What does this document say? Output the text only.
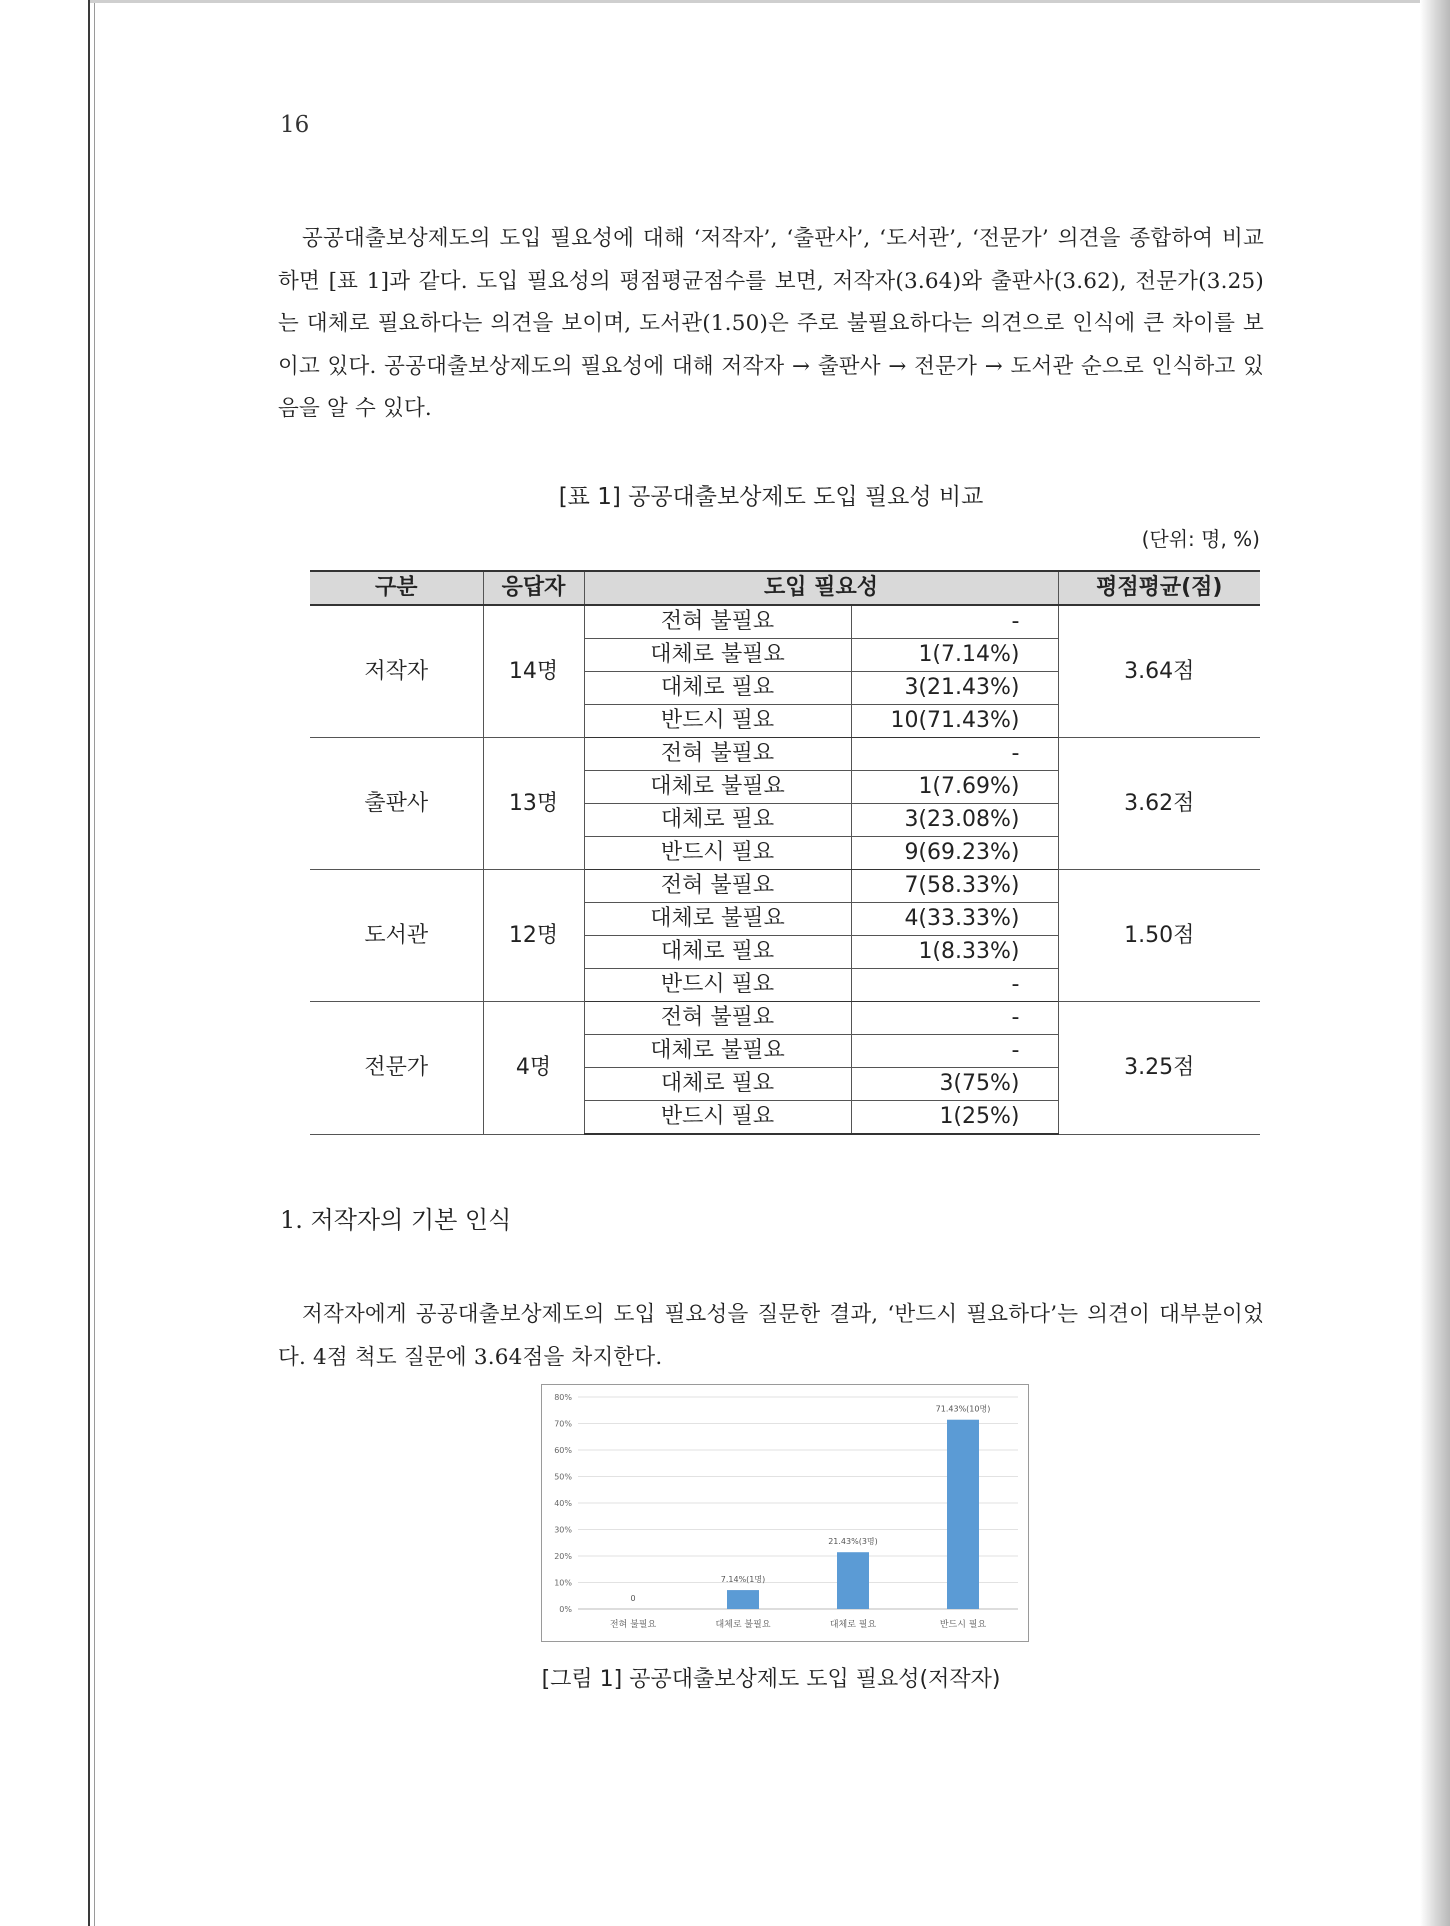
16

공공대출보상제도의 도입 필요성에 대해 ‘저작자’, ‘출판사’, ‘도서관’, ‘전문가’ 의견을 종합하여 비교하면 [표 1]과 같다. 도입 필요성의 평점평균점수를 보면, 저작자(3.64)와 출판사(3.62), 전문가(3.25)는 대체로 필요하다는 의견을 보이며, 도서관(1.50)은 주로 불필요하다는 의견으로 인식에 큰 차이를 보이고 있다. 공공대출보상제도의 필요성에 대해 저작자 → 출판사 → 전문가 → 도서관 순으로 인식하고 있음을 알 수 있다.

[표 1] 공공대출보상제도 도입 필요성 비교
(단위: 명, %)
구분	응답자	도입 필요성		평점평균(점)
저작자	14명	전혀 불필요	-	3.64점
		대체로 불필요	1(7.14%)	
		대체로 필요	3(21.43%)	
		반드시 필요	10(71.43%)	
출판사	13명	전혀 불필요	-	3.62점
		대체로 불필요	1(7.69%)	
		대체로 필요	3(23.08%)	
		반드시 필요	9(69.23%)	
도서관	12명	전혀 불필요	7(58.33%)	1.50점
		대체로 불필요	4(33.33%)	
		대체로 필요	1(8.33%)	
		반드시 필요	-	
전문가	4명	전혀 불필요	-	3.25점
		대체로 불필요	-	
		대체로 필요	3(75%)	
		반드시 필요	1(25%)	
1. 저작자의 기본 인식

저작자에게 공공대출보상제도의 도입 필요성을 질문한 결과, ‘반드시 필요하다’는 의견이 대부분이었다. 4점 척도 질문에 3.64점을 차지한다.

0%
10%
20%
30%
40%
50%
60%
70%
80%
0
전혀 불필요
7.14%(1명)
대체로 불필요
21.43%(3명)
대체로 필요
71.43%(10명)
반드시 필요
[그림 1] 공공대출보상제도 도입 필요성(저작자)
